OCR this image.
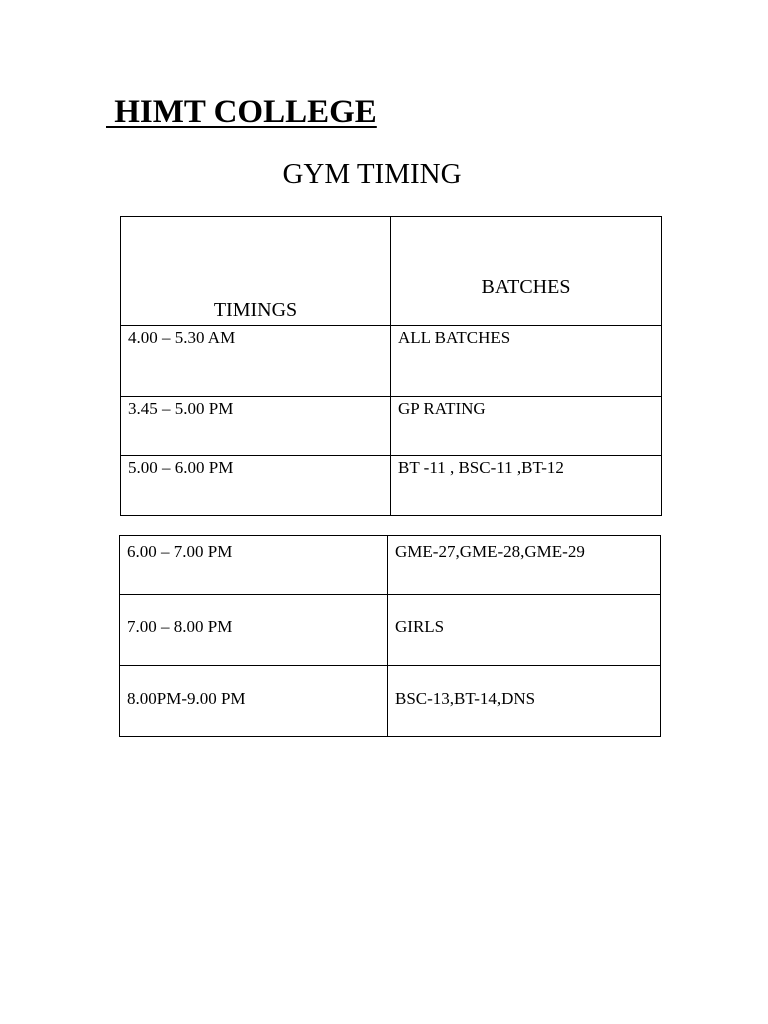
HIMT COLLEGE
GYM TIMING
TIMINGS	BATCHES
4.00 – 5.30 AM	ALL BATCHES
3.45 – 5.00 PM	GP RATING
5.00 – 6.00 PM	BT -11 , BSC-11 ,BT-12
6.00 – 7.00 PM	GME-27,GME-28,GME-29
7.00 – 8.00 PM	GIRLS
8.00PM-9.00 PM	BSC-13,BT-14,DNS
